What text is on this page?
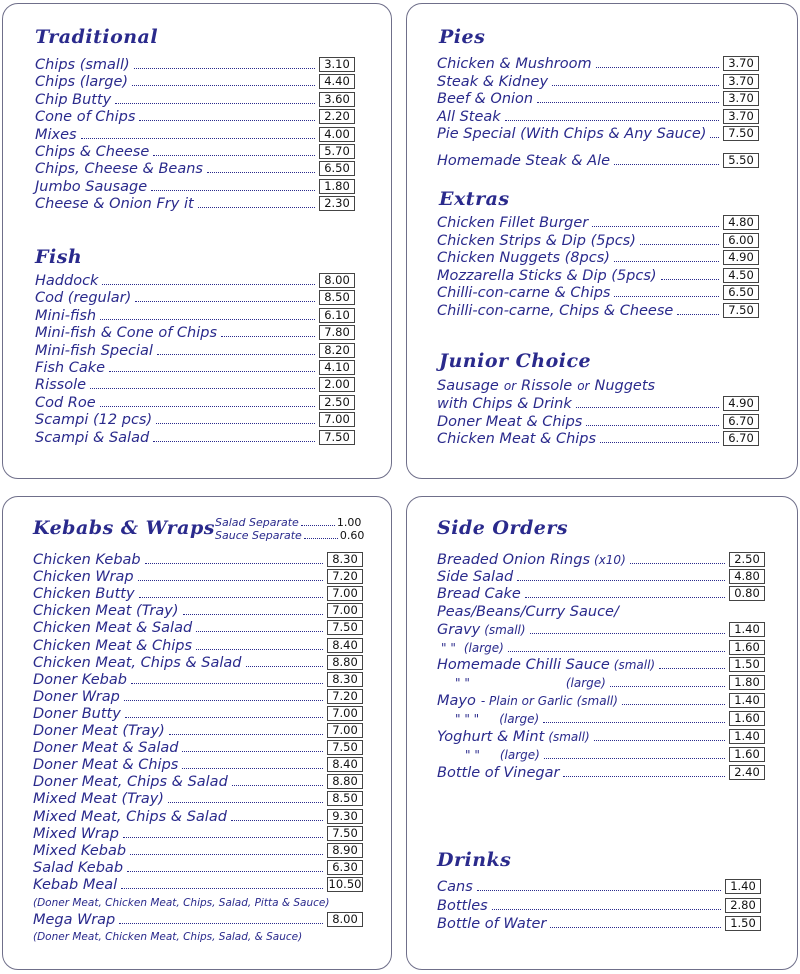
Traditional
Chips (small)	3.10
Chips (large)	4.40
Chip Butty	3.60
Cone of Chips	2.20
Mixes	4.00
Chips & Cheese	5.70
Chips, Cheese & Beans	6.50
Jumbo Sausage	1.80
Cheese & Onion Fry it	2.30
Fish
Haddock	8.00
Cod (regular)	8.50
Mini-fish	6.10
Mini-fish & Cone of Chips	7.80
Mini-fish Special	8.20
Fish Cake	4.10
Rissole	2.00
Cod Roe	2.50
Scampi (12 pcs)	7.00
Scampi & Salad	7.50
Pies
Chicken & Mushroom	3.70
Steak & Kidney	3.70
Beef & Onion	3.70
All Steak	3.70
Pie Special (With Chips & Any Sauce)	7.50
Homemade Steak & Ale	5.50
Extras
Chicken Fillet Burger	4.80
Chicken Strips & Dip (5pcs)	6.00
Chicken Nuggets (8pcs)	4.90
Mozzarella Sticks & Dip (5pcs)	4.50
Chilli-con-carne & Chips	6.50
Chilli-con-carne, Chips & Cheese	7.50
Junior Choice
Sausage or Rissole or Nuggets
with Chips & Drink	4.90
Doner Meat & Chips	6.70
Chicken Meat & Chips	6.70
Kebabs & Wraps Salad Separate	1.00
Sauce Separate	0.60
Chicken Kebab	8.30
Chicken Wrap	7.20
Chicken Butty	7.00
Chicken Meat (Tray)	7.00
Chicken Meat & Salad	7.50
Chicken Meat & Chips	8.40
Chicken Meat, Chips & Salad	8.80
Doner Kebab	8.30
Doner Wrap	7.20
Doner Butty	7.00
Doner Meat (Tray)	7.00
Doner Meat & Salad	7.50
Doner Meat & Chips	8.40
Doner Meat, Chips & Salad	8.80
Mixed Meat (Tray)	8.50
Mixed Meat, Chips & Salad	9.30
Mixed Wrap	7.50
Mixed Kebab	8.90
Salad Kebab	6.30
Kebab Meal	10.50
(Doner Meat, Chicken Meat, Chips, Salad, Pitta & Sauce)
Mega Wrap	8.00
(Doner Meat, Chicken Meat, Chips, Salad, & Sauce)
Side Orders
Breaded Onion Rings (x10)	2.50
Side Salad	4.80
Bread Cake	0.80
Peas/Beans/Curry Sauce/
Gravy (small)	1.40
" " (large)	1.60
Homemade Chilli Sauce (small)	1.50
" "	(large)	1.80
Mayo - Plain or Garlic (small)	1.40
" " " (large)	1.60
Yoghurt & Mint (small)	1.40
" " (large)	1.60
Bottle of Vinegar	2.40
Drinks
Cans	1.40
Bottles	2.80
Bottle of Water	1.50
